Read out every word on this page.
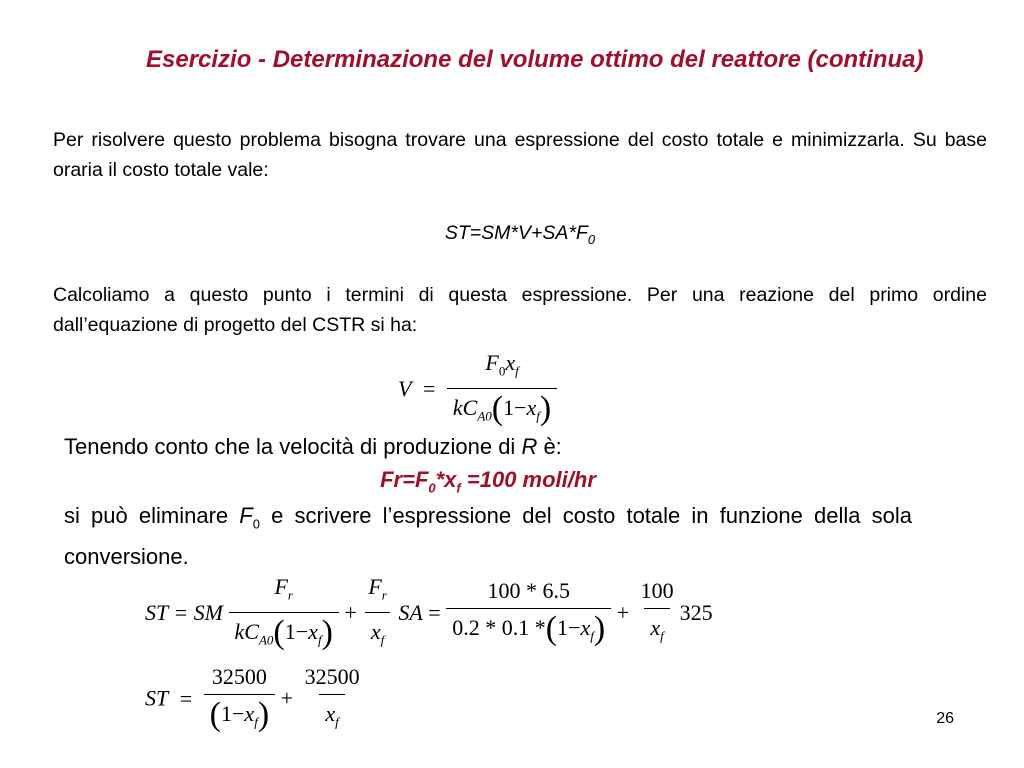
Esercizio - Determinazione del volume ottimo del reattore (continua)
Per risolvere questo problema bisogna trovare una espressione del costo totale e minimizzarla. Su base oraria il costo totale vale:
$ST=SM*V+SA*F_0$
Calcoliamo a questo punto i termini di questa espressione. Per una reazione del primo ordine dall’equazione di progetto del CSTR si ha:
$V = \frac{F_0x_f}{kC_{A0}(1-x_f)}$
Tenendo conto che la velocità di produzione di R è:
$Fr=F_0*x_f =100$ moli/hr
si può eliminare $F_0$ e scrivere l’espressione del costo totale in funzione della sola conversione.
ST = SM $\frac{F_r}{kC_{A0}(1-x_f)} + \frac{F_r}{x_f}$ SA = $\frac{100 * 6.5}{0.2 * 0.1 *(1-x_f)} + \frac{100}{x_f} 325$
ST = $\frac{32500}{(1-x_f)} + \frac{32500}{x_f}$	26
